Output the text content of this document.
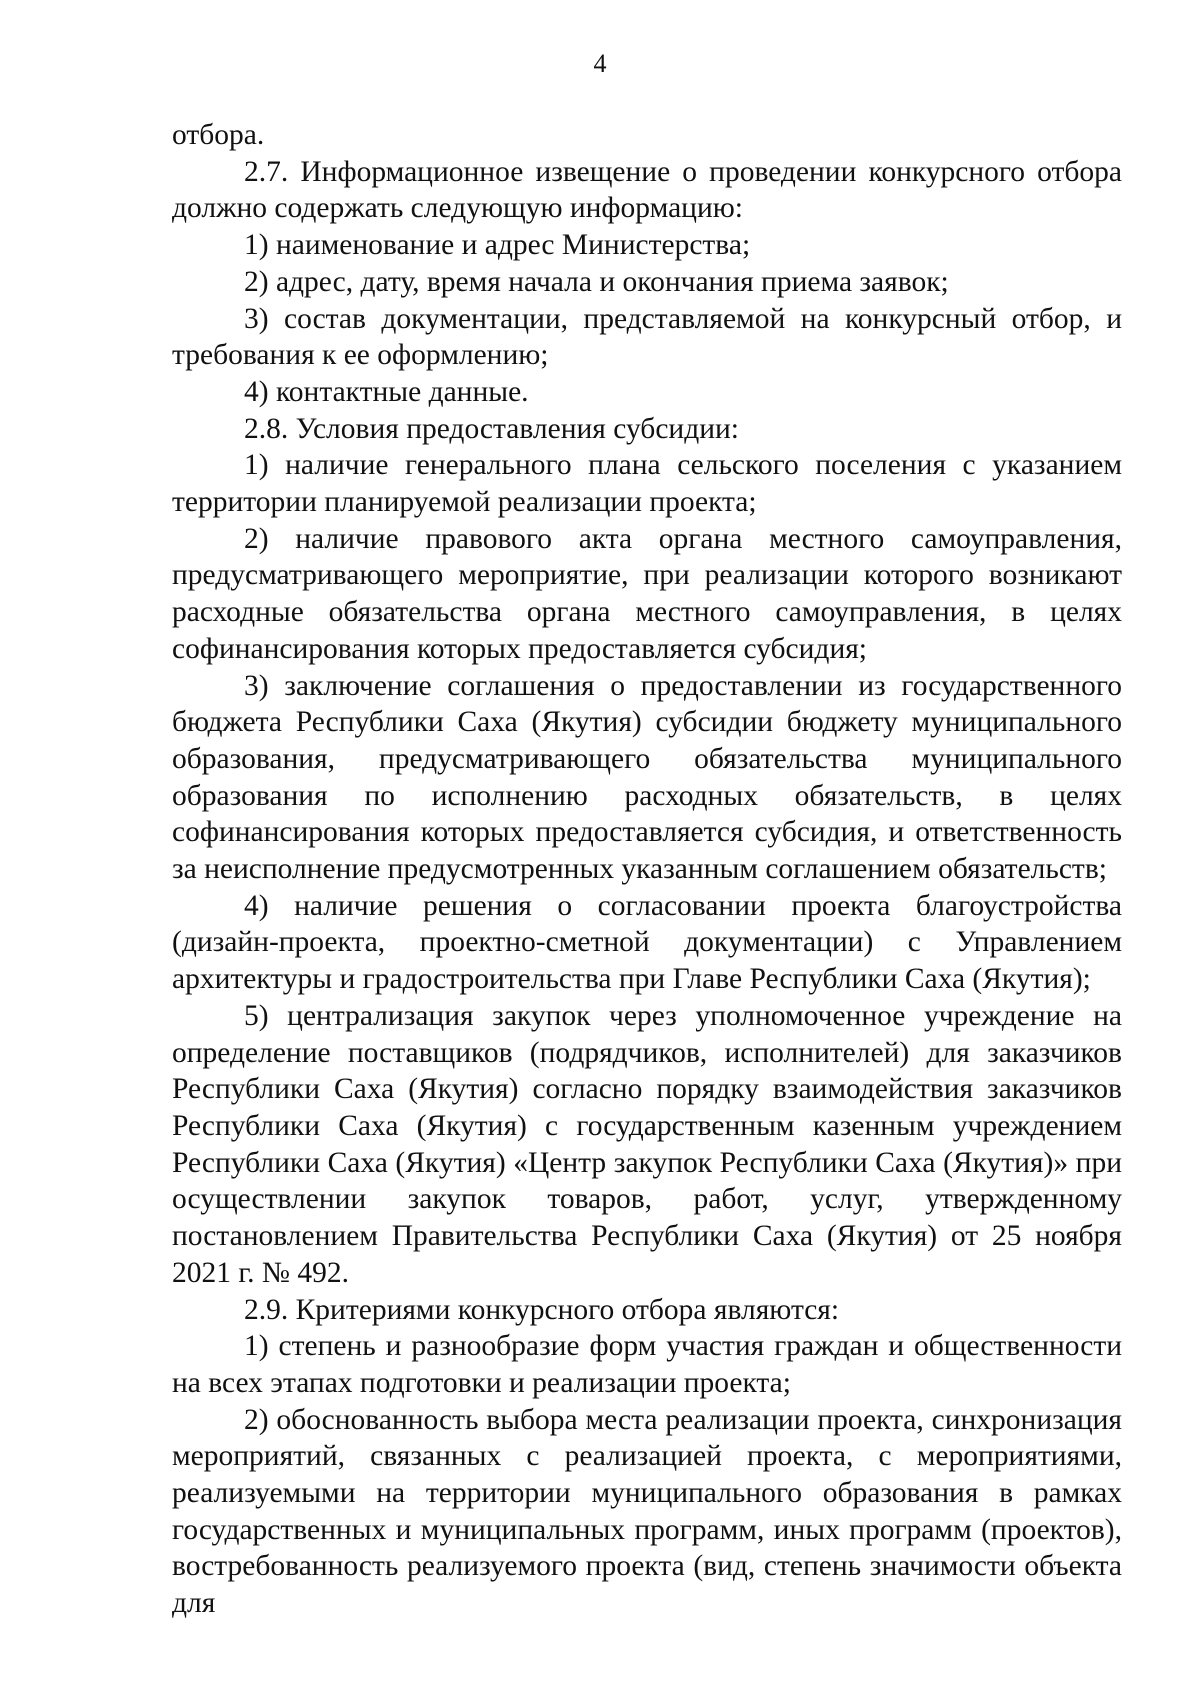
4

отбора.

2.7. Информационное извещение о проведении конкурсного отбора должно содержать следующую информацию:

1) наименование и адрес Министерства;

2) адрес, дату, время начала и окончания приема заявок;

3) состав документации, представляемой на конкурсный отбор, и требования к ее оформлению;

4) контактные данные.

2.8. Условия предоставления субсидии:

1) наличие генерального плана сельского поселения с указанием территории планируемой реализации проекта;

2) наличие правового акта органа местного самоуправления, предусматривающего мероприятие, при реализации которого возникают расходные обязательства органа местного самоуправления, в целях софинансирования которых предоставляется субсидия;

3) заключение соглашения о предоставлении из государственного бюджета Республики Саха (Якутия) субсидии бюджету муниципального образования, предусматривающего обязательства муниципального образования по исполнению расходных обязательств, в целях софинансирования которых предоставляется субсидия, и ответственность за неисполнение предусмотренных указанным соглашением обязательств;

4) наличие решения о согласовании проекта благоустройства (дизайн-проекта, проектно-сметной документации) с Управлением архитектуры и градостроительства при Главе Республики Саха (Якутия);

5) централизация закупок через уполномоченное учреждение на определение поставщиков (подрядчиков, исполнителей) для заказчиков Республики Саха (Якутия) согласно порядку взаимодействия заказчиков Республики Саха (Якутия) с государственным казенным учреждением Республики Саха (Якутия) «Центр закупок Республики Саха (Якутия)» при осуществлении закупок товаров, работ, услуг, утвержденному постановлением Правительства Республики Саха (Якутия) от 25 ноября 2021 г. № 492.

2.9. Критериями конкурсного отбора являются:

1) степень и разнообразие форм участия граждан и общественности на всех этапах подготовки и реализации проекта;

2) обоснованность выбора места реализации проекта, синхронизация мероприятий, связанных с реализацией проекта, с мероприятиями, реализуемыми на территории муниципального образования в рамках государственных и муниципальных программ, иных программ (проектов), востребованность реализуемого проекта (вид, степень значимости объекта для
